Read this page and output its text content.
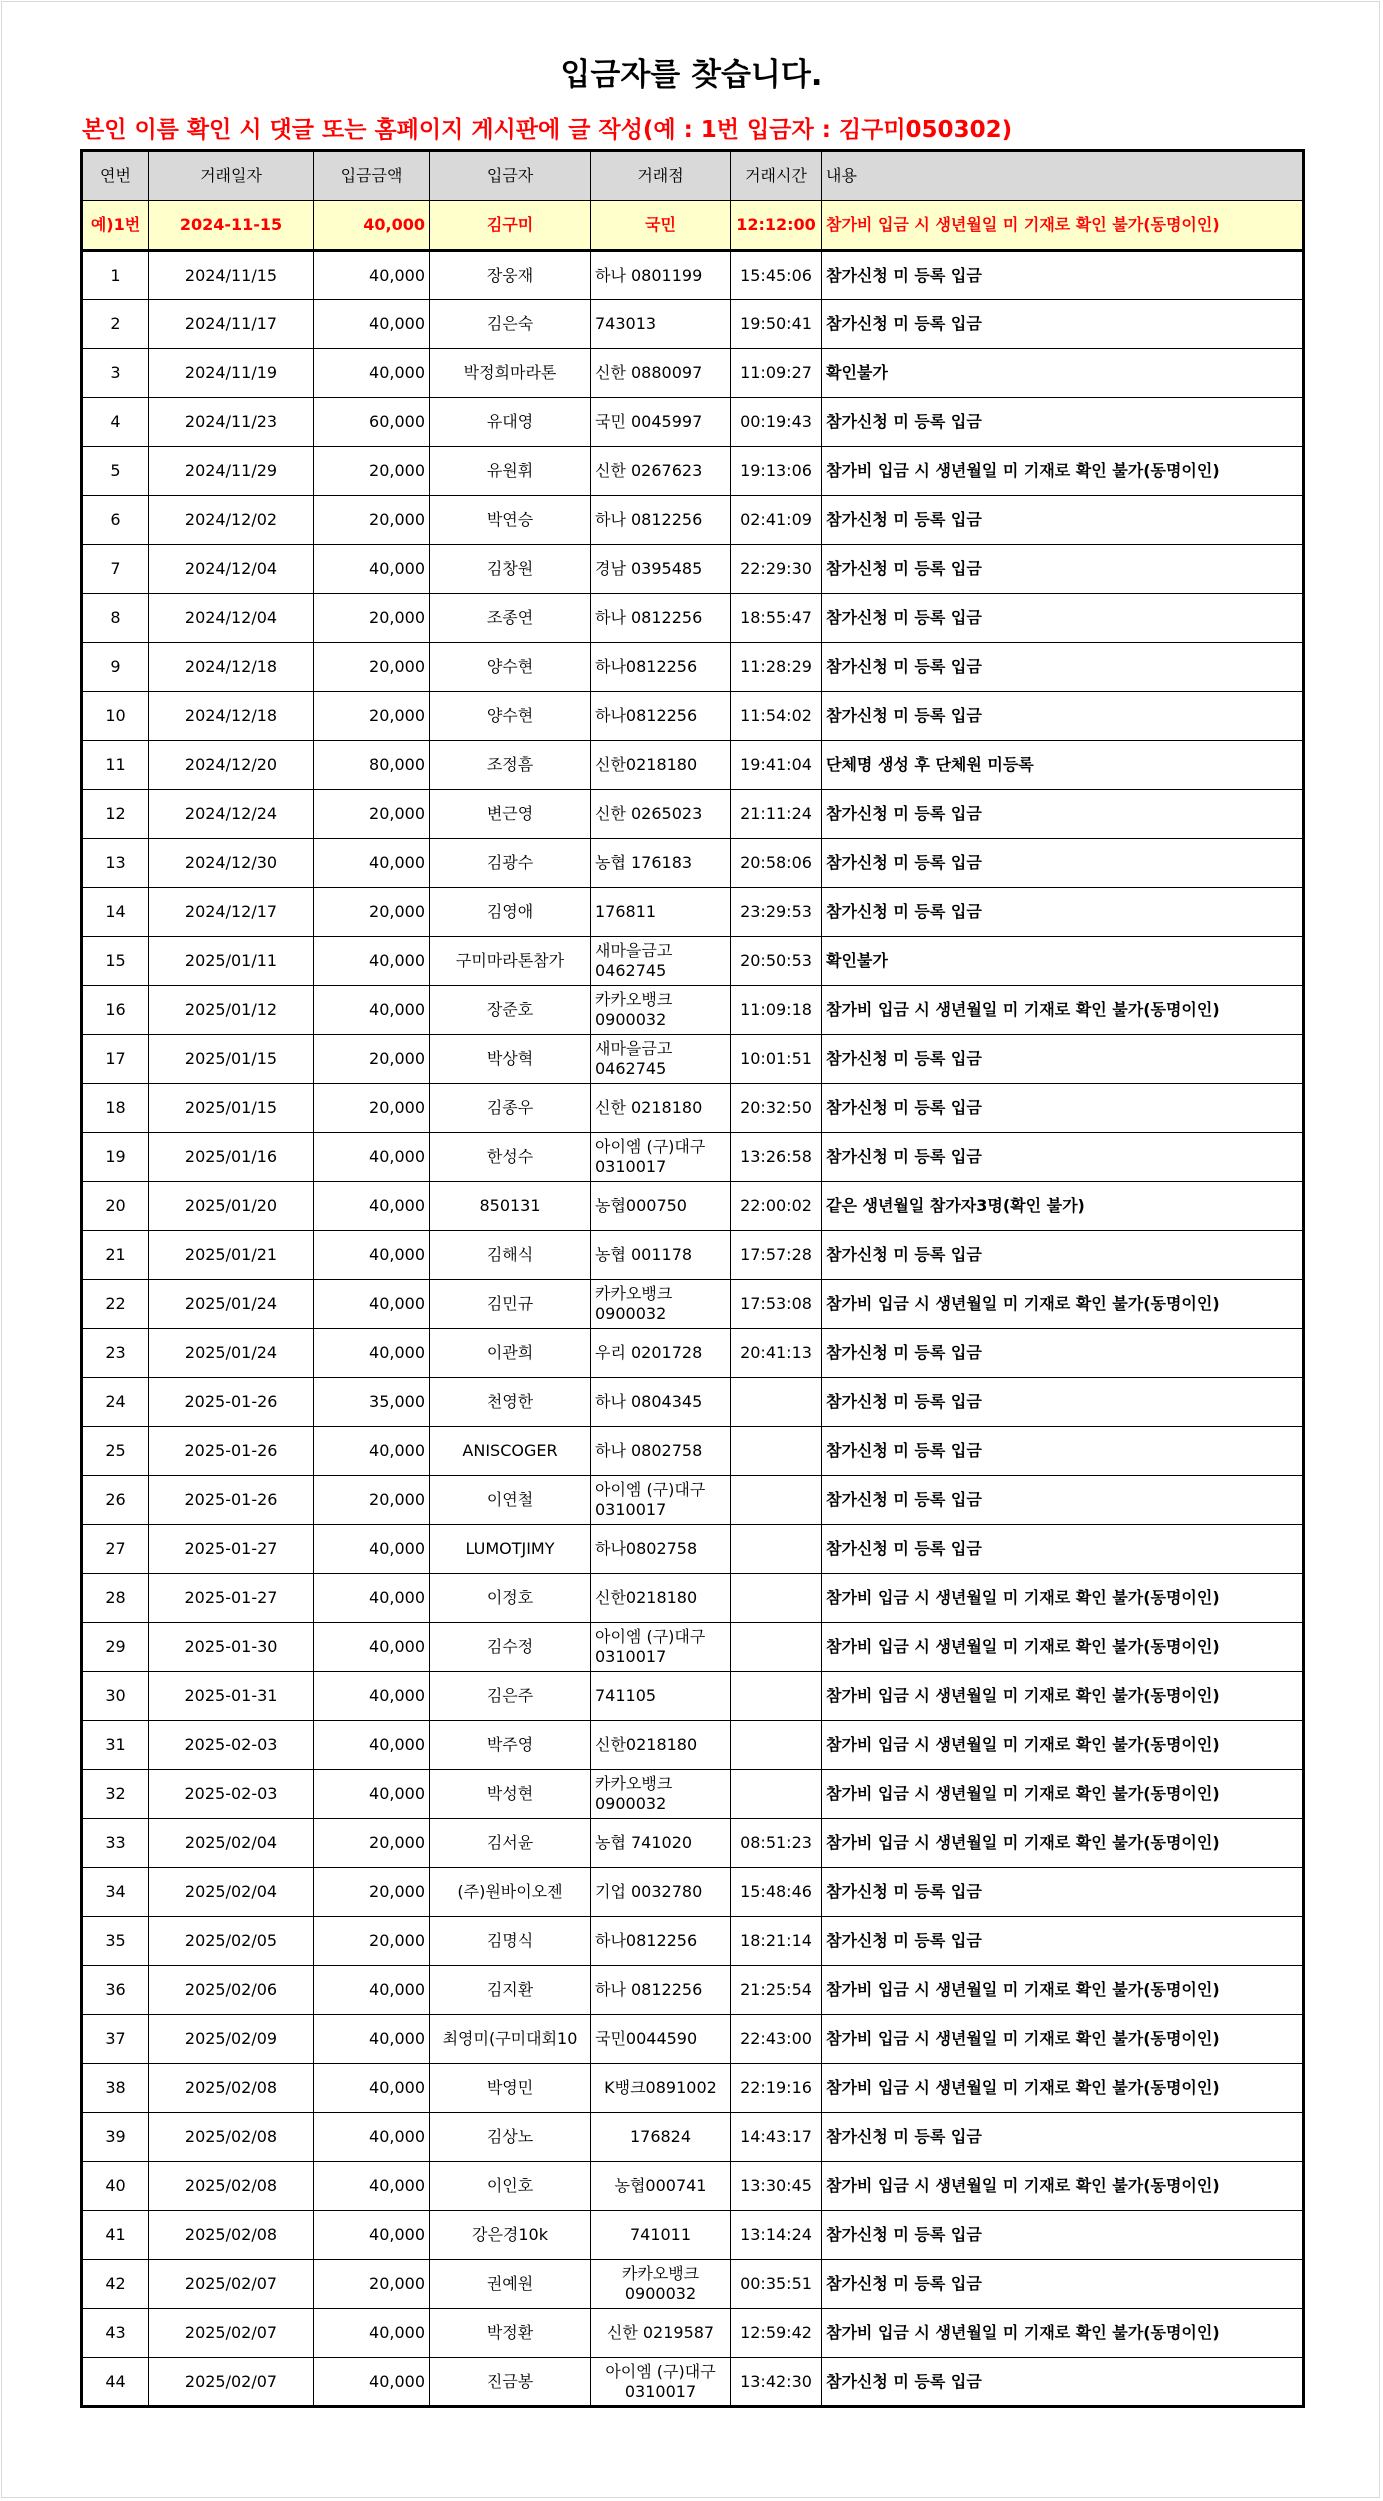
입금자를 찾습니다.
본인 이름 확인 시 댓글 또는 홈페이지 게시판에 글 작성(예 : 1번 입금자 : 김구미050302)
연번	거래일자	입금금액	입금자	거래점	거래시간	내용
예)1번	2024-11-15	40,000	김구미	국민	12:12:00	참가비 입금 시 생년월일 미 기재로 확인 불가(동명이인)
1	2024/11/15	40,000	장웅재	하나 0801199	15:45:06	참가신청 미 등록 입금
2	2024/11/17	40,000	김은숙	743013	19:50:41	참가신청 미 등록 입금
3	2024/11/19	40,000	박정희마라톤	신한 0880097	11:09:27	확인불가
4	2024/11/23	60,000	유대영	국민 0045997	00:19:43	참가신청 미 등록 입금
5	2024/11/29	20,000	유원휘	신한 0267623	19:13:06	참가비 입금 시 생년월일 미 기재로 확인 불가(동명이인)
6	2024/12/02	20,000	박연승	하나 0812256	02:41:09	참가신청 미 등록 입금
7	2024/12/04	40,000	김창원	경남 0395485	22:29:30	참가신청 미 등록 입금
8	2024/12/04	20,000	조종연	하나 0812256	18:55:47	참가신청 미 등록 입금
9	2024/12/18	20,000	양수현	하나0812256	11:28:29	참가신청 미 등록 입금
10	2024/12/18	20,000	양수현	하나0812256	11:54:02	참가신청 미 등록 입금
11	2024/12/20	80,000	조정흠	신한0218180	19:41:04	단체명 생성 후 단체원 미등록
12	2024/12/24	20,000	변근영	신한 0265023	21:11:24	참가신청 미 등록 입금
13	2024/12/30	40,000	김광수	농협 176183	20:58:06	참가신청 미 등록 입금
14	2024/12/17	20,000	김영애	176811	23:29:53	참가신청 미 등록 입금
15	2025/01/11	40,000	구미마라톤참가	새마을금고 0462745	20:50:53	확인불가
16	2025/01/12	40,000	장준호	카카오뱅크 0900032	11:09:18	참가비 입금 시 생년월일 미 기재로 확인 불가(동명이인)
17	2025/01/15	20,000	박상혁	새마을금고 0462745	10:01:51	참가신청 미 등록 입금
18	2025/01/15	20,000	김종우	신한 0218180	20:32:50	참가신청 미 등록 입금
19	2025/01/16	40,000	한성수	아이엠 (구)대구 0310017	13:26:58	참가신청 미 등록 입금
20	2025/01/20	40,000	850131	농협000750	22:00:02	같은 생년월일 참가자3명(확인 불가)
21	2025/01/21	40,000	김해식	농협 001178	17:57:28	참가신청 미 등록 입금
22	2025/01/24	40,000	김민규	카카오뱅크 0900032	17:53:08	참가비 입금 시 생년월일 미 기재로 확인 불가(동명이인)
23	2025/01/24	40,000	이관희	우리 0201728	20:41:13	참가신청 미 등록 입금
24	2025-01-26	35,000	천영한	하나 0804345		참가신청 미 등록 입금
25	2025-01-26	40,000	ANISCOGER	하나 0802758		참가신청 미 등록 입금
26	2025-01-26	20,000	이연철	아이엠 (구)대구 0310017		참가신청 미 등록 입금
27	2025-01-27	40,000	LUMOTJIMY	하나0802758		참가신청 미 등록 입금
28	2025-01-27	40,000	이정호	신한0218180		참가비 입금 시 생년월일 미 기재로 확인 불가(동명이인)
29	2025-01-30	40,000	김수정	아이엠 (구)대구 0310017		참가비 입금 시 생년월일 미 기재로 확인 불가(동명이인)
30	2025-01-31	40,000	김은주	741105		참가비 입금 시 생년월일 미 기재로 확인 불가(동명이인)
31	2025-02-03	40,000	박주영	신한0218180		참가비 입금 시 생년월일 미 기재로 확인 불가(동명이인)
32	2025-02-03	40,000	박성현	카카오뱅크 0900032		참가비 입금 시 생년월일 미 기재로 확인 불가(동명이인)
33	2025/02/04	20,000	김서윤	농협 741020	08:51:23	참가비 입금 시 생년월일 미 기재로 확인 불가(동명이인)
34	2025/02/04	20,000	(주)원바이오젠	기업 0032780	15:48:46	참가신청 미 등록 입금
35	2025/02/05	20,000	김명식	하나0812256	18:21:14	참가신청 미 등록 입금
36	2025/02/06	40,000	김지환	하나 0812256	21:25:54	참가비 입금 시 생년월일 미 기재로 확인 불가(동명이인)
37	2025/02/09	40,000	최영미(구미대회10	국민0044590	22:43:00	참가비 입금 시 생년월일 미 기재로 확인 불가(동명이인)
38	2025/02/08	40,000	박영민	K뱅크0891002	22:19:16	참가비 입금 시 생년월일 미 기재로 확인 불가(동명이인)
39	2025/02/08	40,000	김상노	176824	14:43:17	참가신청 미 등록 입금
40	2025/02/08	40,000	이인호	농협000741	13:30:45	참가비 입금 시 생년월일 미 기재로 확인 불가(동명이인)
41	2025/02/08	40,000	강은경10k	741011	13:14:24	참가신청 미 등록 입금
42	2025/02/07	20,000	권예원	카카오뱅크 0900032	00:35:51	참가신청 미 등록 입금
43	2025/02/07	40,000	박정환	신한 0219587	12:59:42	참가비 입금 시 생년월일 미 기재로 확인 불가(동명이인)
44	2025/02/07	40,000	진금봉	아이엠 (구)대구 0310017	13:42:30	참가신청 미 등록 입금
